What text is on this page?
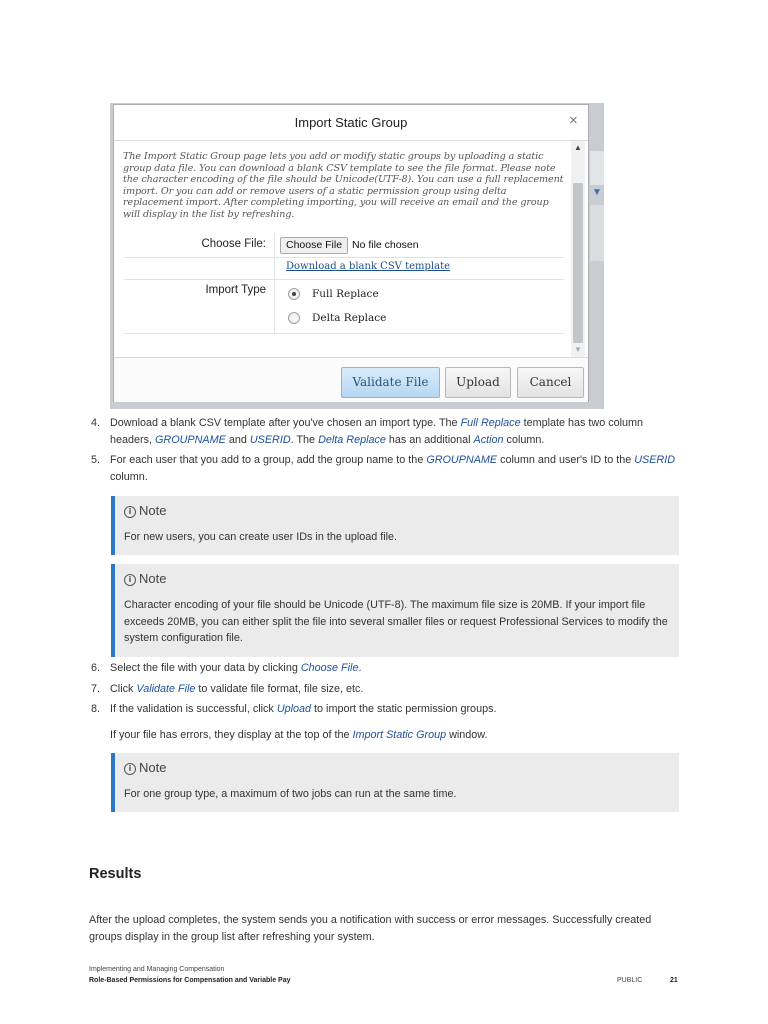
▼
Import Static Group	×

The Import Static Group page lets you add or modify static groups by uploading a static group data file. You can download a blank CSV template to see the file format. Please note the character encoding of the file should be Unicode(UTF-8). You can use a full replacement import. Or you can add or remove users of a static permission group using delta replacement import. After completing importing, you will receive an email and the group will display in the list by refreshing.

Choose File:	Choose File No file chosen
Download a blank CSV template
Import Type	Full Replace
Delta Replace
▲
▼
Validate File	Upload	Cancel
4. Download a blank CSV template after you've chosen an import type. The Full Replace template has two column headers, GROUPNAME and USERID. The Delta Replace has an additional Action column.
5. For each user that you add to a group, add the group name to the GROUPNAME column and user's ID to the USERID column.
i Note
For new users, you can create user IDs in the upload file.
i Note
Character encoding of your file should be Unicode (UTF-8). The maximum file size is 20MB. If your import file exceeds 20MB, you can either split the file into several smaller files or request Professional Services to modify the system configuration file.
6. Select the file with your data by clicking Choose File.
7. Click Validate File to validate file format, file size, etc.
8. If the validation is successful, click Upload to import the static permission groups.
If your file has errors, they display at the top of the Import Static Group window.
i Note
For one group type, a maximum of two jobs can run at the same time.
Results
After the upload completes, the system sends you a notification with success or error messages. Successfully created groups display in the group list after refreshing your system.
Implementing and Managing Compensation
Role-Based Permissions for Compensation and Variable Pay	PUBLIC	21
